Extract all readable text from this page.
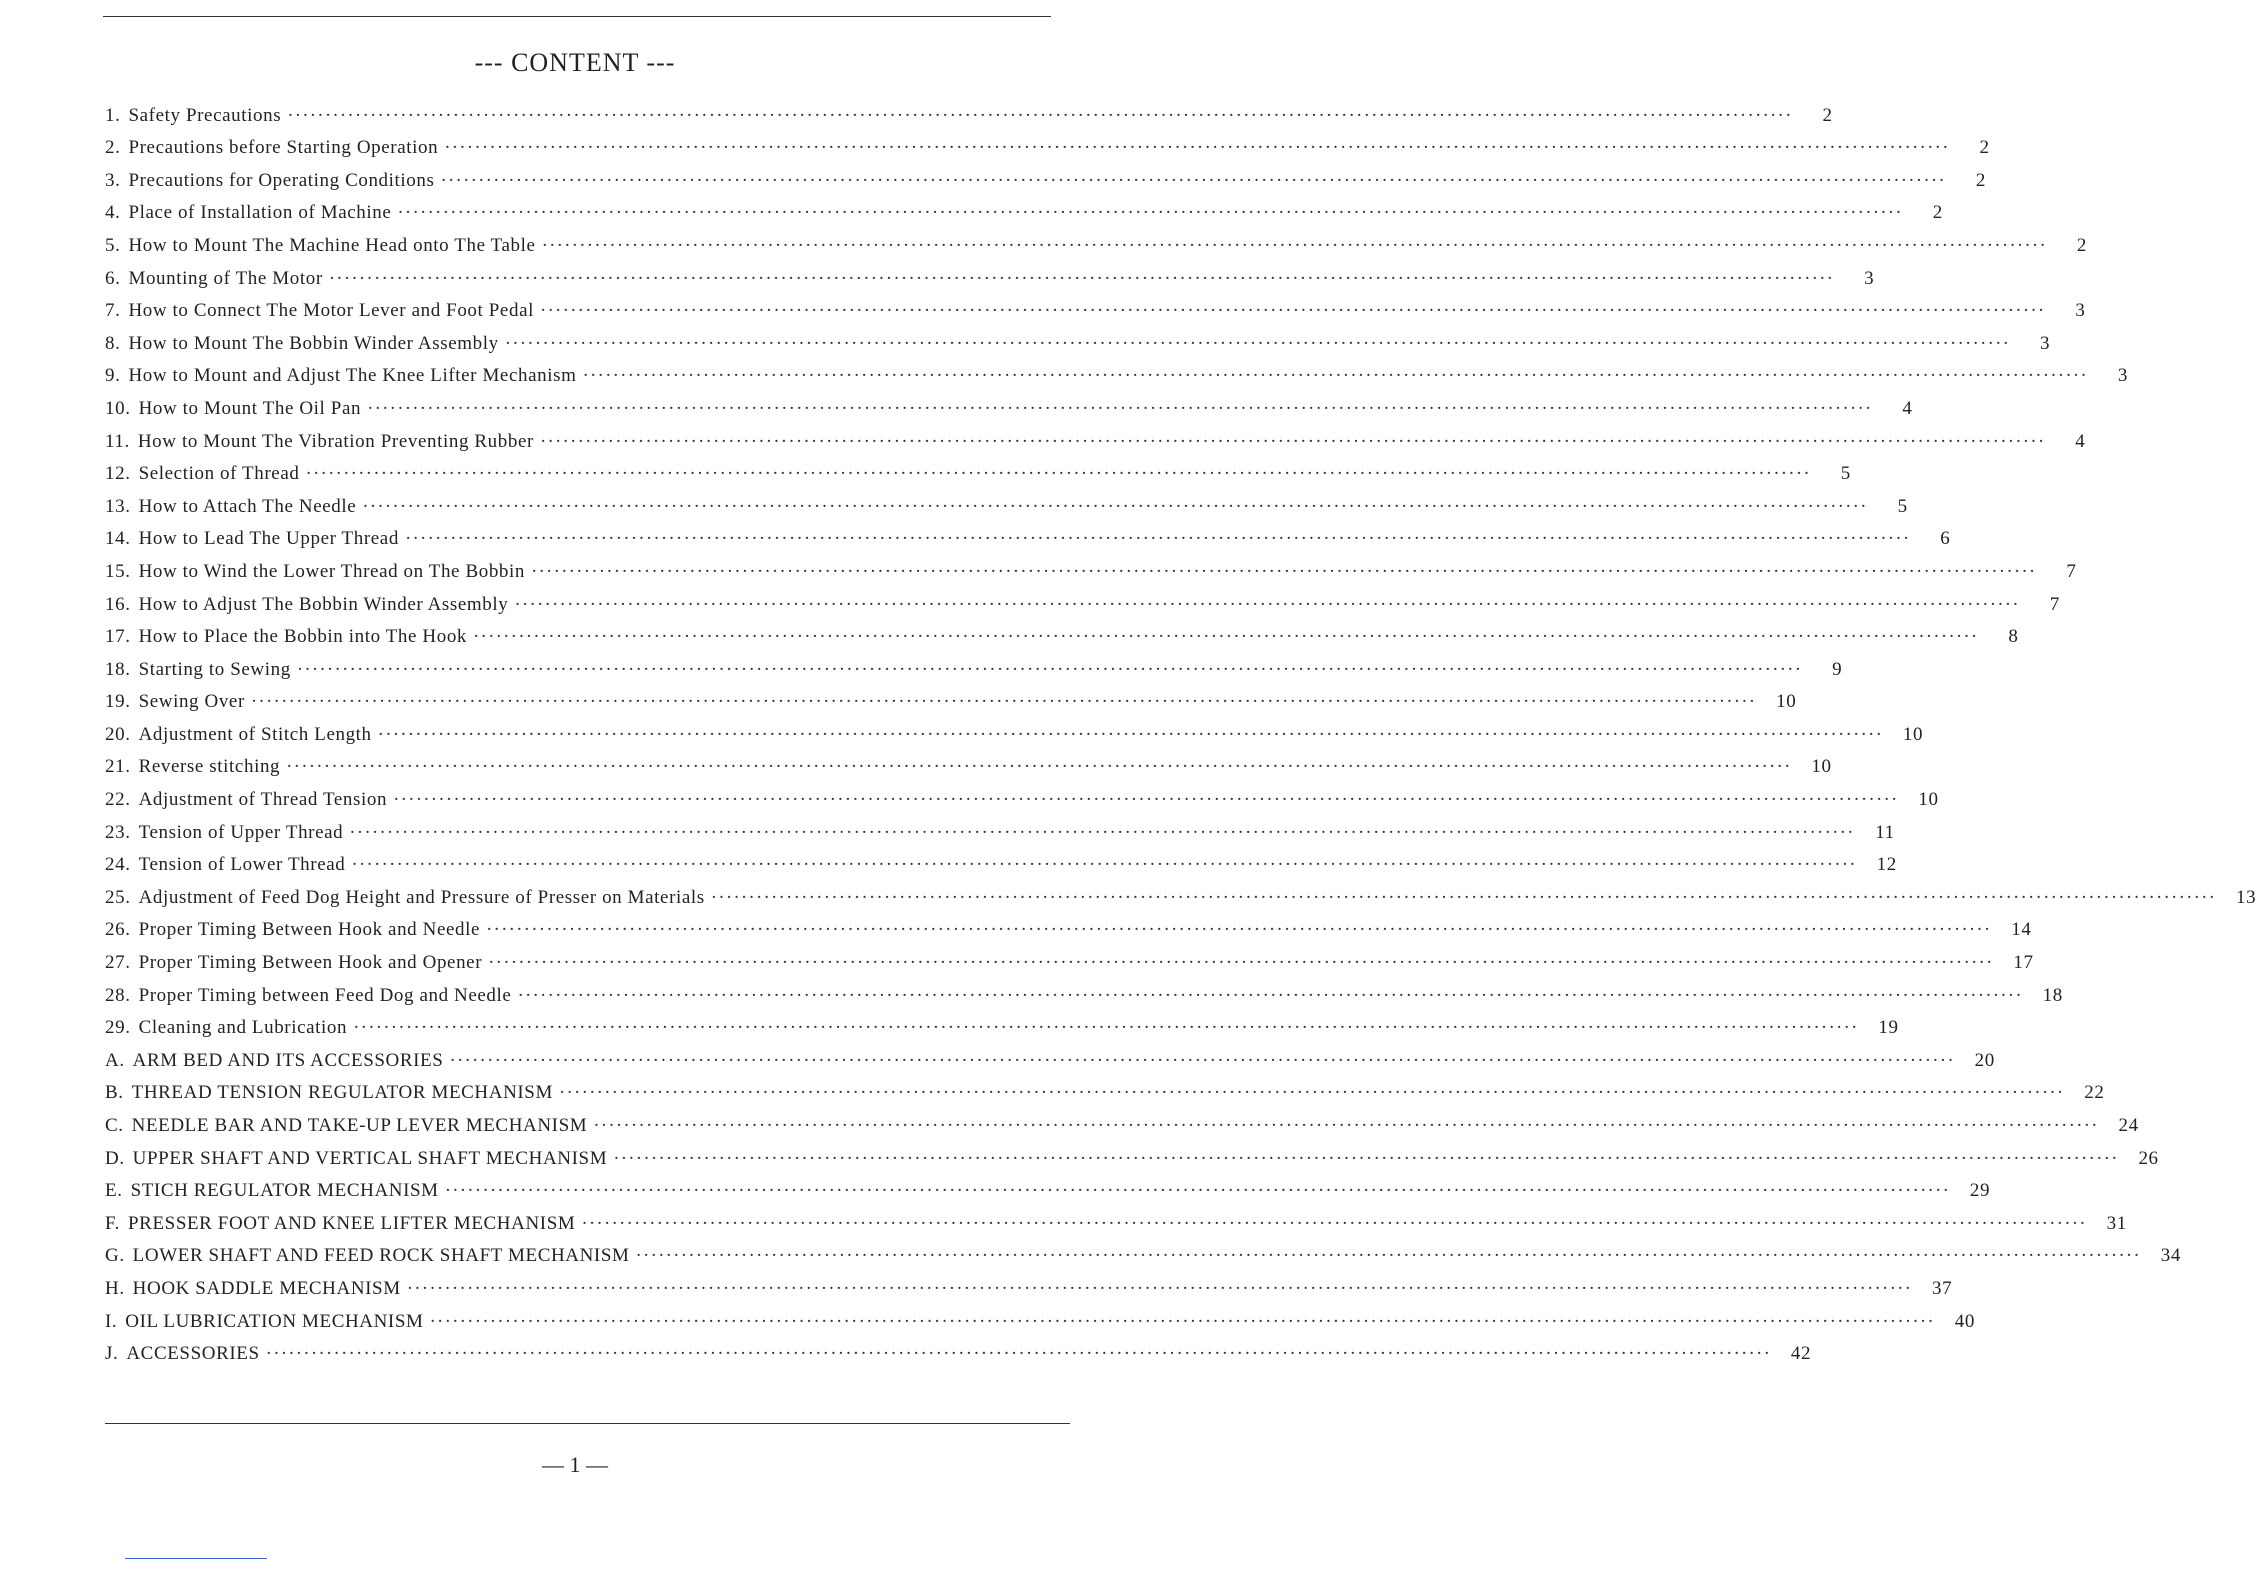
--- CONTENT ---
1. Safety Precautions ········································································································································································································	2
2. Precautions before Starting Operation ········································································································································································································	2
3. Precautions for Operating Conditions ········································································································································································································	2
4. Place of Installation of Machine ········································································································································································································	2
5. How to Mount The Machine Head onto The Table ········································································································································································································	2
6. Mounting of The Motor ········································································································································································································	3
7. How to Connect The Motor Lever and Foot Pedal ········································································································································································································	3
8. How to Mount The Bobbin Winder Assembly ········································································································································································································	3
9. How to Mount and Adjust The Knee Lifter Mechanism ········································································································································································································	3
10. How to Mount The Oil Pan ········································································································································································································	4
11. How to Mount The Vibration Preventing Rubber ········································································································································································································	4
12. Selection of Thread ········································································································································································································	5
13. How to Attach The Needle ········································································································································································································	5
14. How to Lead The Upper Thread ········································································································································································································	6
15. How to Wind the Lower Thread on The Bobbin ········································································································································································································	7
16. How to Adjust The Bobbin Winder Assembly ········································································································································································································	7
17. How to Place the Bobbin into The Hook ········································································································································································································	8
18. Starting to Sewing ········································································································································································································	9
19. Sewing Over ········································································································································································································	10
20. Adjustment of Stitch Length ········································································································································································································	10
21. Reverse stitching ········································································································································································································	10
22. Adjustment of Thread Tension ········································································································································································································	10
23. Tension of Upper Thread ········································································································································································································	11
24. Tension of Lower Thread ········································································································································································································	12
25. Adjustment of Feed Dog Height and Pressure of Presser on Materials ········································································································································································································	13
26. Proper Timing Between Hook and Needle ········································································································································································································	14
27. Proper Timing Between Hook and Opener ········································································································································································································	17
28. Proper Timing between Feed Dog and Needle ········································································································································································································	18
29. Cleaning and Lubrication ········································································································································································································	19
A. ARM BED AND ITS ACCESSORIES ········································································································································································································	20
B. THREAD TENSION REGULATOR MECHANISM ········································································································································································································	22
C. NEEDLE BAR AND TAKE-UP LEVER MECHANISM ········································································································································································································	24
D. UPPER SHAFT AND VERTICAL SHAFT MECHANISM ········································································································································································································	26
E. STICH REGULATOR MECHANISM ········································································································································································································	29
F. PRESSER FOOT AND KNEE LIFTER MECHANISM ········································································································································································································	31
G. LOWER SHAFT AND FEED ROCK SHAFT MECHANISM ········································································································································································································	34
H. HOOK SADDLE MECHANISM ········································································································································································································	37
I. OIL LUBRICATION MECHANISM ········································································································································································································	40
J. ACCESSORIES ········································································································································································································	42
— 1 —
